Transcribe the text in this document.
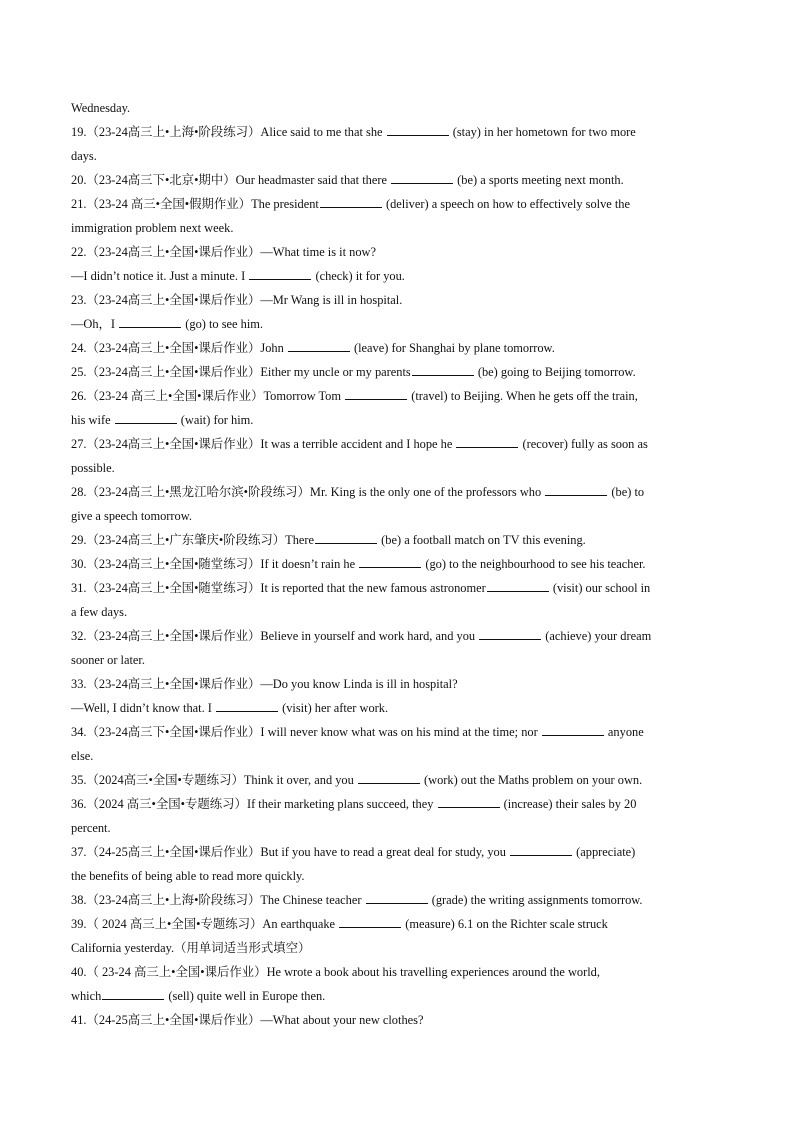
Wednesday.
19.（23-24高三上•上海•阶段练习）Alice said to me that she	(stay) in her hometown for two more
days.
20.（23-24高三下•北京•期中）Our headmaster said that there	(be) a sports meeting next month.
21.（23-24 高三•全国•假期作业）The president	(deliver) a speech on how to effectively solve the
immigration problem next week.
22.（23-24高三上•全国•课后作业）—What time is it now?
—I didn’t notice it. Just a minute. I	(check) it for you.
23.（23-24高三上•全国•课后作业）—Mr Wang is ill in hospital.
—Oh，I	(go) to see him.
24.（23-24高三上•全国•课后作业）John	(leave) for Shanghai by plane tomorrow.
25.（23-24高三上•全国•课后作业）Either my uncle or my parents	(be) going to Beijing tomorrow.
26.（23-24 高三上•全国•课后作业）Tomorrow Tom	(travel) to Beijing. When he gets off the train,
his wife	(wait) for him.
27.（23-24高三上•全国•课后作业）It was a terrible accident and I hope he	(recover) fully as soon as
possible.
28.（23-24高三上•黑龙江哈尔滨•阶段练习）Mr. King is the only one of the professors who	(be) to
give a speech tomorrow.
29.（23-24高三上•广东肇庆•阶段练习）There	(be) a football match on TV this evening.
30.（23-24高三上•全国•随堂练习）If it doesn’t rain he	(go) to the neighbourhood to see his teacher.
31.（23-24高三上•全国•随堂练习）It is reported that the new famous astronomer	(visit) our school in
a few days.
32.（23-24高三上•全国•课后作业）Believe in yourself and work hard, and you	(achieve) your dream
sooner or later.
33.（23-24高三上•全国•课后作业）—Do you know Linda is ill in hospital?
—Well, I didn’t know that. I	(visit) her after work.
34.（23-24高三下•全国•课后作业）I will never know what was on his mind at the time; nor	anyone
else.
35.（2024高三•全国•专题练习）Think it over, and you	(work) out the Maths problem on your own.
36.（2024 高三•全国•专题练习）If their marketing plans succeed, they	(increase) their sales by 20
percent.
37.（24-25高三上•全国•课后作业）But if you have to read a great deal for study, you	(appreciate)
the benefits of being able to read more quickly.
38.（23-24高三上•上海•阶段练习）The Chinese teacher	(grade) the writing assignments tomorrow.
39.（ 2024 高三上•全国•专题练习）An earthquake	(measure) 6.1 on the Richter scale struck
California yesterday.（用单词适当形式填空）
40.（ 23-24 高三上•全国•课后作业）He wrote a book about his travelling experiences around the world,
which	(sell) quite well in Europe then.
41.（24-25高三上•全国•课后作业）—What about your new clothes?
